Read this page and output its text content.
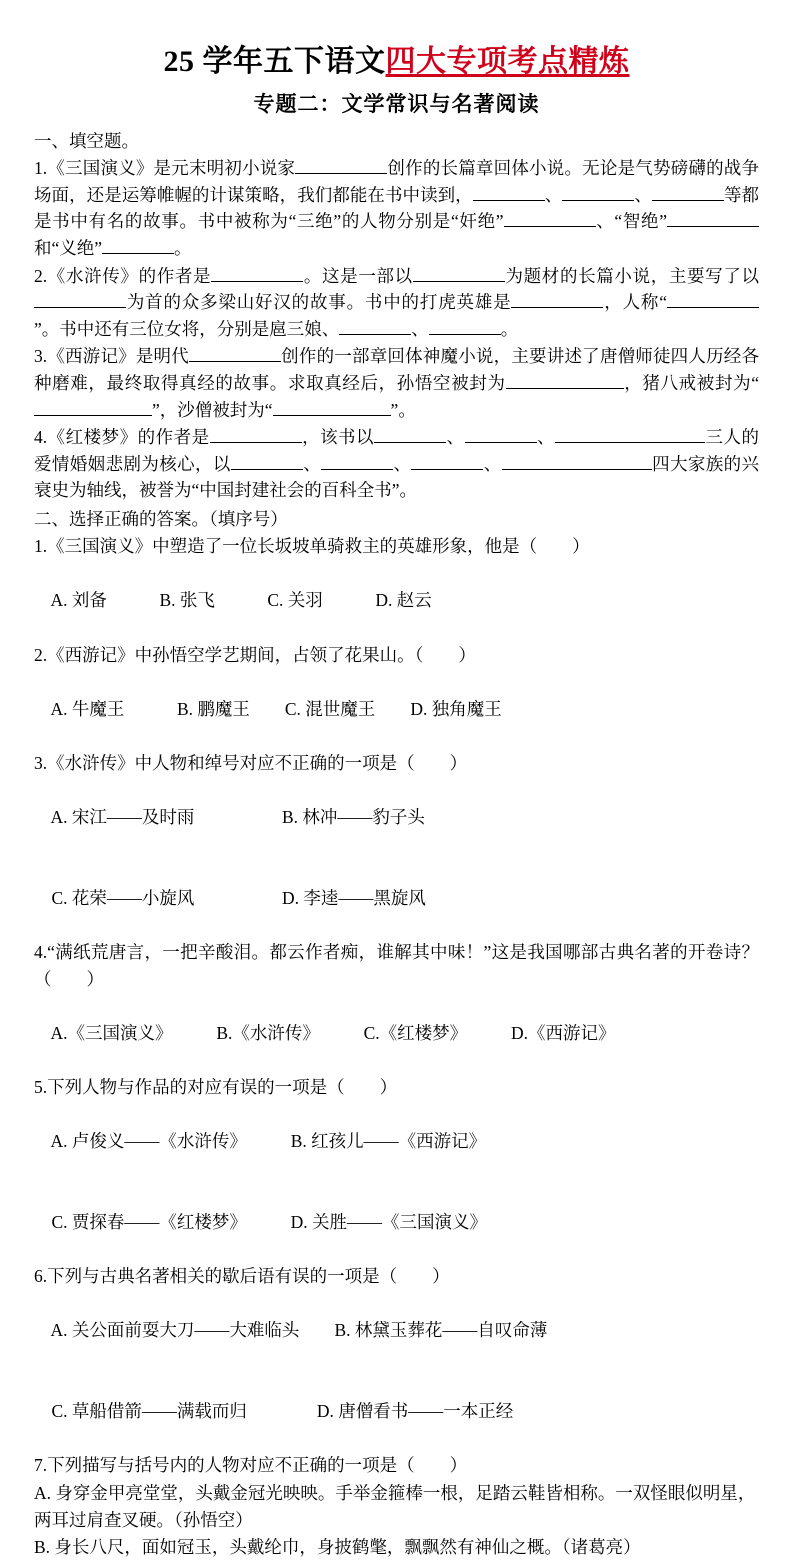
25 学年五下语文四大专项考点精炼
专题二：文学常识与名著阅读
一、填空题。

1.《三国演义》是元末明初小说家	创作的长篇章回体小说。无论是气势磅礴的战争场面，还是运筹帷幄的计谋策略，我们都能在书中读到，	、	、	等都是书中有名的故事。书中被称为“三绝”的人物分别是“奸绝”	、“智绝”和“义绝”	。

2.《水浒传》的作者是	。这是一部以	为题材的长篇小说，主要写了以为首的众多梁山好汉的故事。书中的打虎英雄是	，人称“”。书中还有三位女将，分别是扈三娘、	、	。

3.《西游记》是明代	创作的一部章回体神魔小说，主要讲述了唐僧师徒四人历经各种磨难，最终取得真经的故事。求取真经后，孙悟空被封为	，猪八戒被封为“”，沙僧被封为“	”。

4.《红楼梦》的作者是	，该书以	、	、	三人的爱情婚姻悲剧为核心，以	、	、	、	四大家族的兴衰史为轴线，被誉为“中国封建社会的百科全书”。

二、选择正确的答案。（填序号）

1.《三国演义》中塑造了一位长坂坡单骑救主的英雄形象，他是（　　）

A. 刘备　　　	B. 张飞　　　	C. 关羽　　　	D. 赵云

2.《西游记》中孙悟空学艺期间，占领了花果山。（　　）

A. 牛魔王　　　	B. 鹏魔王　　 C. 混世魔王　　 D. 独角魔王

3.《水浒传》中人物和绰号对应不正确的一项是（　　）

A. 宋江——及时雨　　　　　	B. 林冲——豹子头

C. 花荣——小旋风　　　　　	D. 李逵——黑旋风

4.“满纸荒唐言，一把辛酸泪。都云作者痴，谁解其中味！”这是我国哪部古典名著的开卷诗？（　　）

A.《三国演义》　　　	B.《水浒传》　　　	C.《红楼梦》　　　	D.《西游记》

5.下列人物与作品的对应有误的一项是（　　）

A. 卢俊义——《水浒传》　　　	B. 红孩儿——《西游记》

C. 贾探春——《红楼梦》　　　	D. 关胜——《三国演义》

6.下列与古典名著相关的歇后语有误的一项是（　　）

A. 关公面前耍大刀——大难临头　　 B. 林黛玉葬花——自叹命薄

C. 草船借箭——满载而归　　　　	D. 唐僧看书——一本正经

7.下列描写与括号内的人物对应不正确的一项是（　　）

A. 身穿金甲亮堂堂，头戴金冠光映映。手举金箍棒一根，足踏云鞋皆相称。一双怪眼似明星，两耳过肩查叉硬。（孙悟空）

B. 身长八尺，面如冠玉，头戴纶巾，身披鹤氅，飘飘然有神仙之概。（诸葛亮）
